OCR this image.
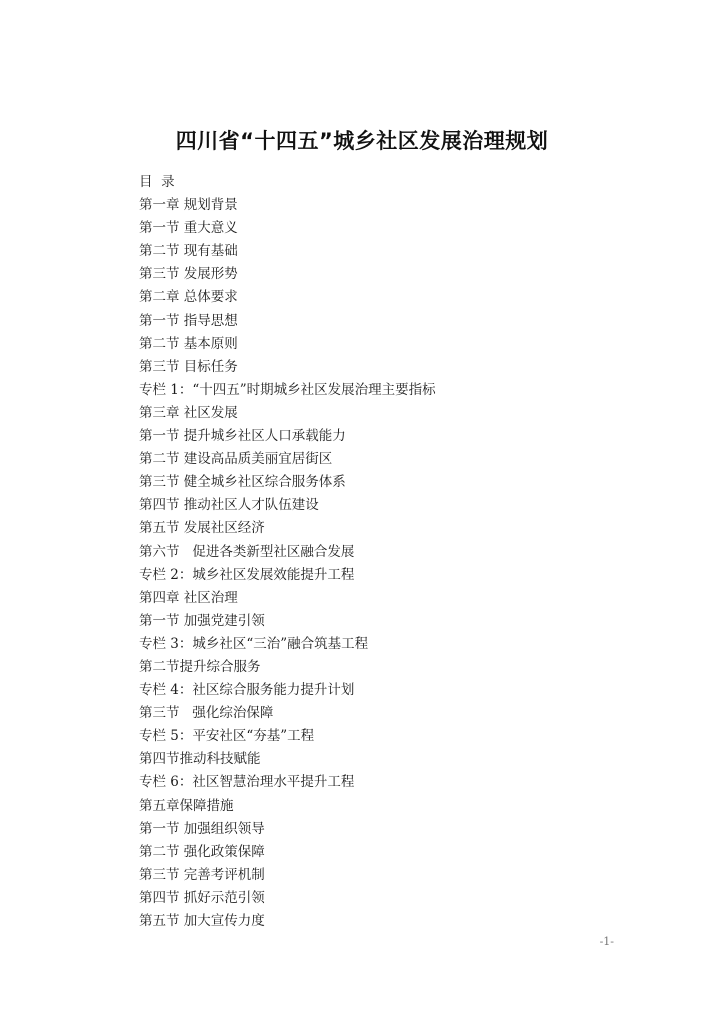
四川省“十四五”城乡社区发展治理规划
目  录
第一章 规划背景
第一节 重大意义
第二节 现有基础
第三节 发展形势
第二章 总体要求
第一节 指导思想
第二节 基本原则
第三节 目标任务
专栏 1：“十四五”时期城乡社区发展治理主要指标
第三章 社区发展
第一节 提升城乡社区人口承载能力
第二节 建设高品质美丽宜居街区
第三节 健全城乡社区综合服务体系
第四节 推动社区人才队伍建设
第五节 发展社区经济
第六节   促进各类新型社区融合发展
专栏 2：城乡社区发展效能提升工程
第四章 社区治理
第一节 加强党建引领
专栏 3：城乡社区“三治”融合筑基工程
第二节提升综合服务
专栏 4：社区综合服务能力提升计划
第三节   强化综治保障
专栏 5：平安社区“夯基”工程
第四节推动科技赋能
专栏 6：社区智慧治理水平提升工程
第五章保障措施
第一节 加强组织领导
第二节 强化政策保障
第三节 完善考评机制
第四节 抓好示范引领
第五节 加大宣传力度
-1-
